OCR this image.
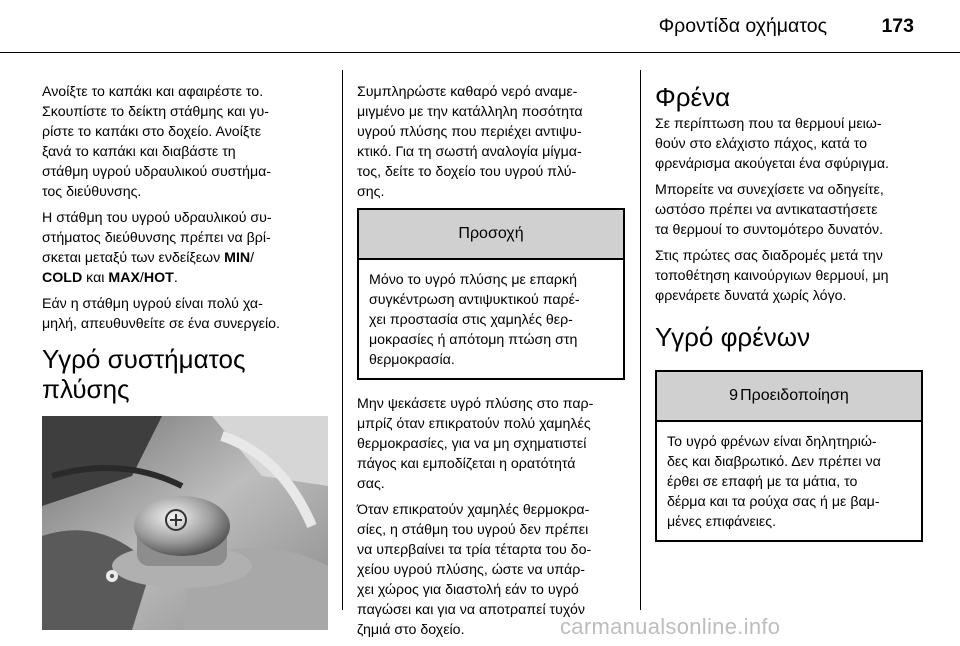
Φροντίδα οχήματος	173

Ανοίξτε το καπάκι και αφαιρέστε το.
Σκουπίστε το δείκτη στάθμης και γυ-
ρίστε το καπάκι στο δοχείο. Ανοίξτε
ξανά το καπάκι και διαβάστε τη
στάθμη υγρού υδραυλικού συστήμα-
τος διεύθυνσης.

Η στάθμη του υγρού υδραυλικού συ-
στήματος διεύθυνσης πρέπει να βρί-
σκεται μεταξύ των ενδείξεων MIN/
COLD και MAX/HOT.

Εάν η στάθμη υγρού είναι πολύ χα-
μηλή, απευθυνθείτε σε ένα συνεργείο.

Υγρό συστήματος πλύσης

Συμπληρώστε καθαρό νερό αναμε-
μιγμένο με την κατάλληλη ποσότητα
υγρού πλύσης που περιέχει αντιψυ-
κτικό. Για τη σωστή αναλογία μίγμα-
τος, δείτε το δοχείο του υγρού πλύ-
σης.

Προσοχή
Μόνο το υγρό πλύσης με επαρκή
συγκέντρωση αντιψυκτικού παρέ-
χει προστασία στις χαμηλές θερ-
μοκρασίες ή απότομη πτώση στη
θερμοκρασία.

Μην ψεκάσετε υγρό πλύσης στο παρ-
μπρίζ όταν επικρατούν πολύ χαμηλές
θερμοκρασίες, για να μη σχηματιστεί
πάγος και εμποδίζεται η ορατότητά
σας.

Όταν επικρατούν χαμηλές θερμοκρα-
σίες, η στάθμη του υγρού δεν πρέπει
να υπερβαίνει τα τρία τέταρτα του δο-
χείου υγρού πλύσης, ώστε να υπάρ-
χει χώρος για διαστολή εάν το υγρό
παγώσει και για να αποτραπεί τυχόν
ζημιά στο δοχείο.

Φρένα

Σε περίπτωση που τα θερμουί μειω-
θούν στο ελάχιστο πάχος, κατά το
φρενάρισμα ακούγεται ένα σφύριγμα.

Μπορείτε να συνεχίσετε να οδηγείτε,
ωστόσο πρέπει να αντικαταστήσετε
τα θερμουί το συντομότερο δυνατόν.

Στις πρώτες σας διαδρομές μετά την
τοποθέτηση καινούργιων θερμουί, μη
φρενάρετε δυνατά χωρίς λόγο.

Υγρό φρένων
9 Προειδοποίηση
Το υγρό φρένων είναι δηλητηριώ-
δες και διαβρωτικό. Δεν πρέπει να
έρθει σε επαφή με τα μάτια, το
δέρμα και τα ρούχα σας ή με βαμ-
μένες επιφάνειες.
carmanualsonline.info
